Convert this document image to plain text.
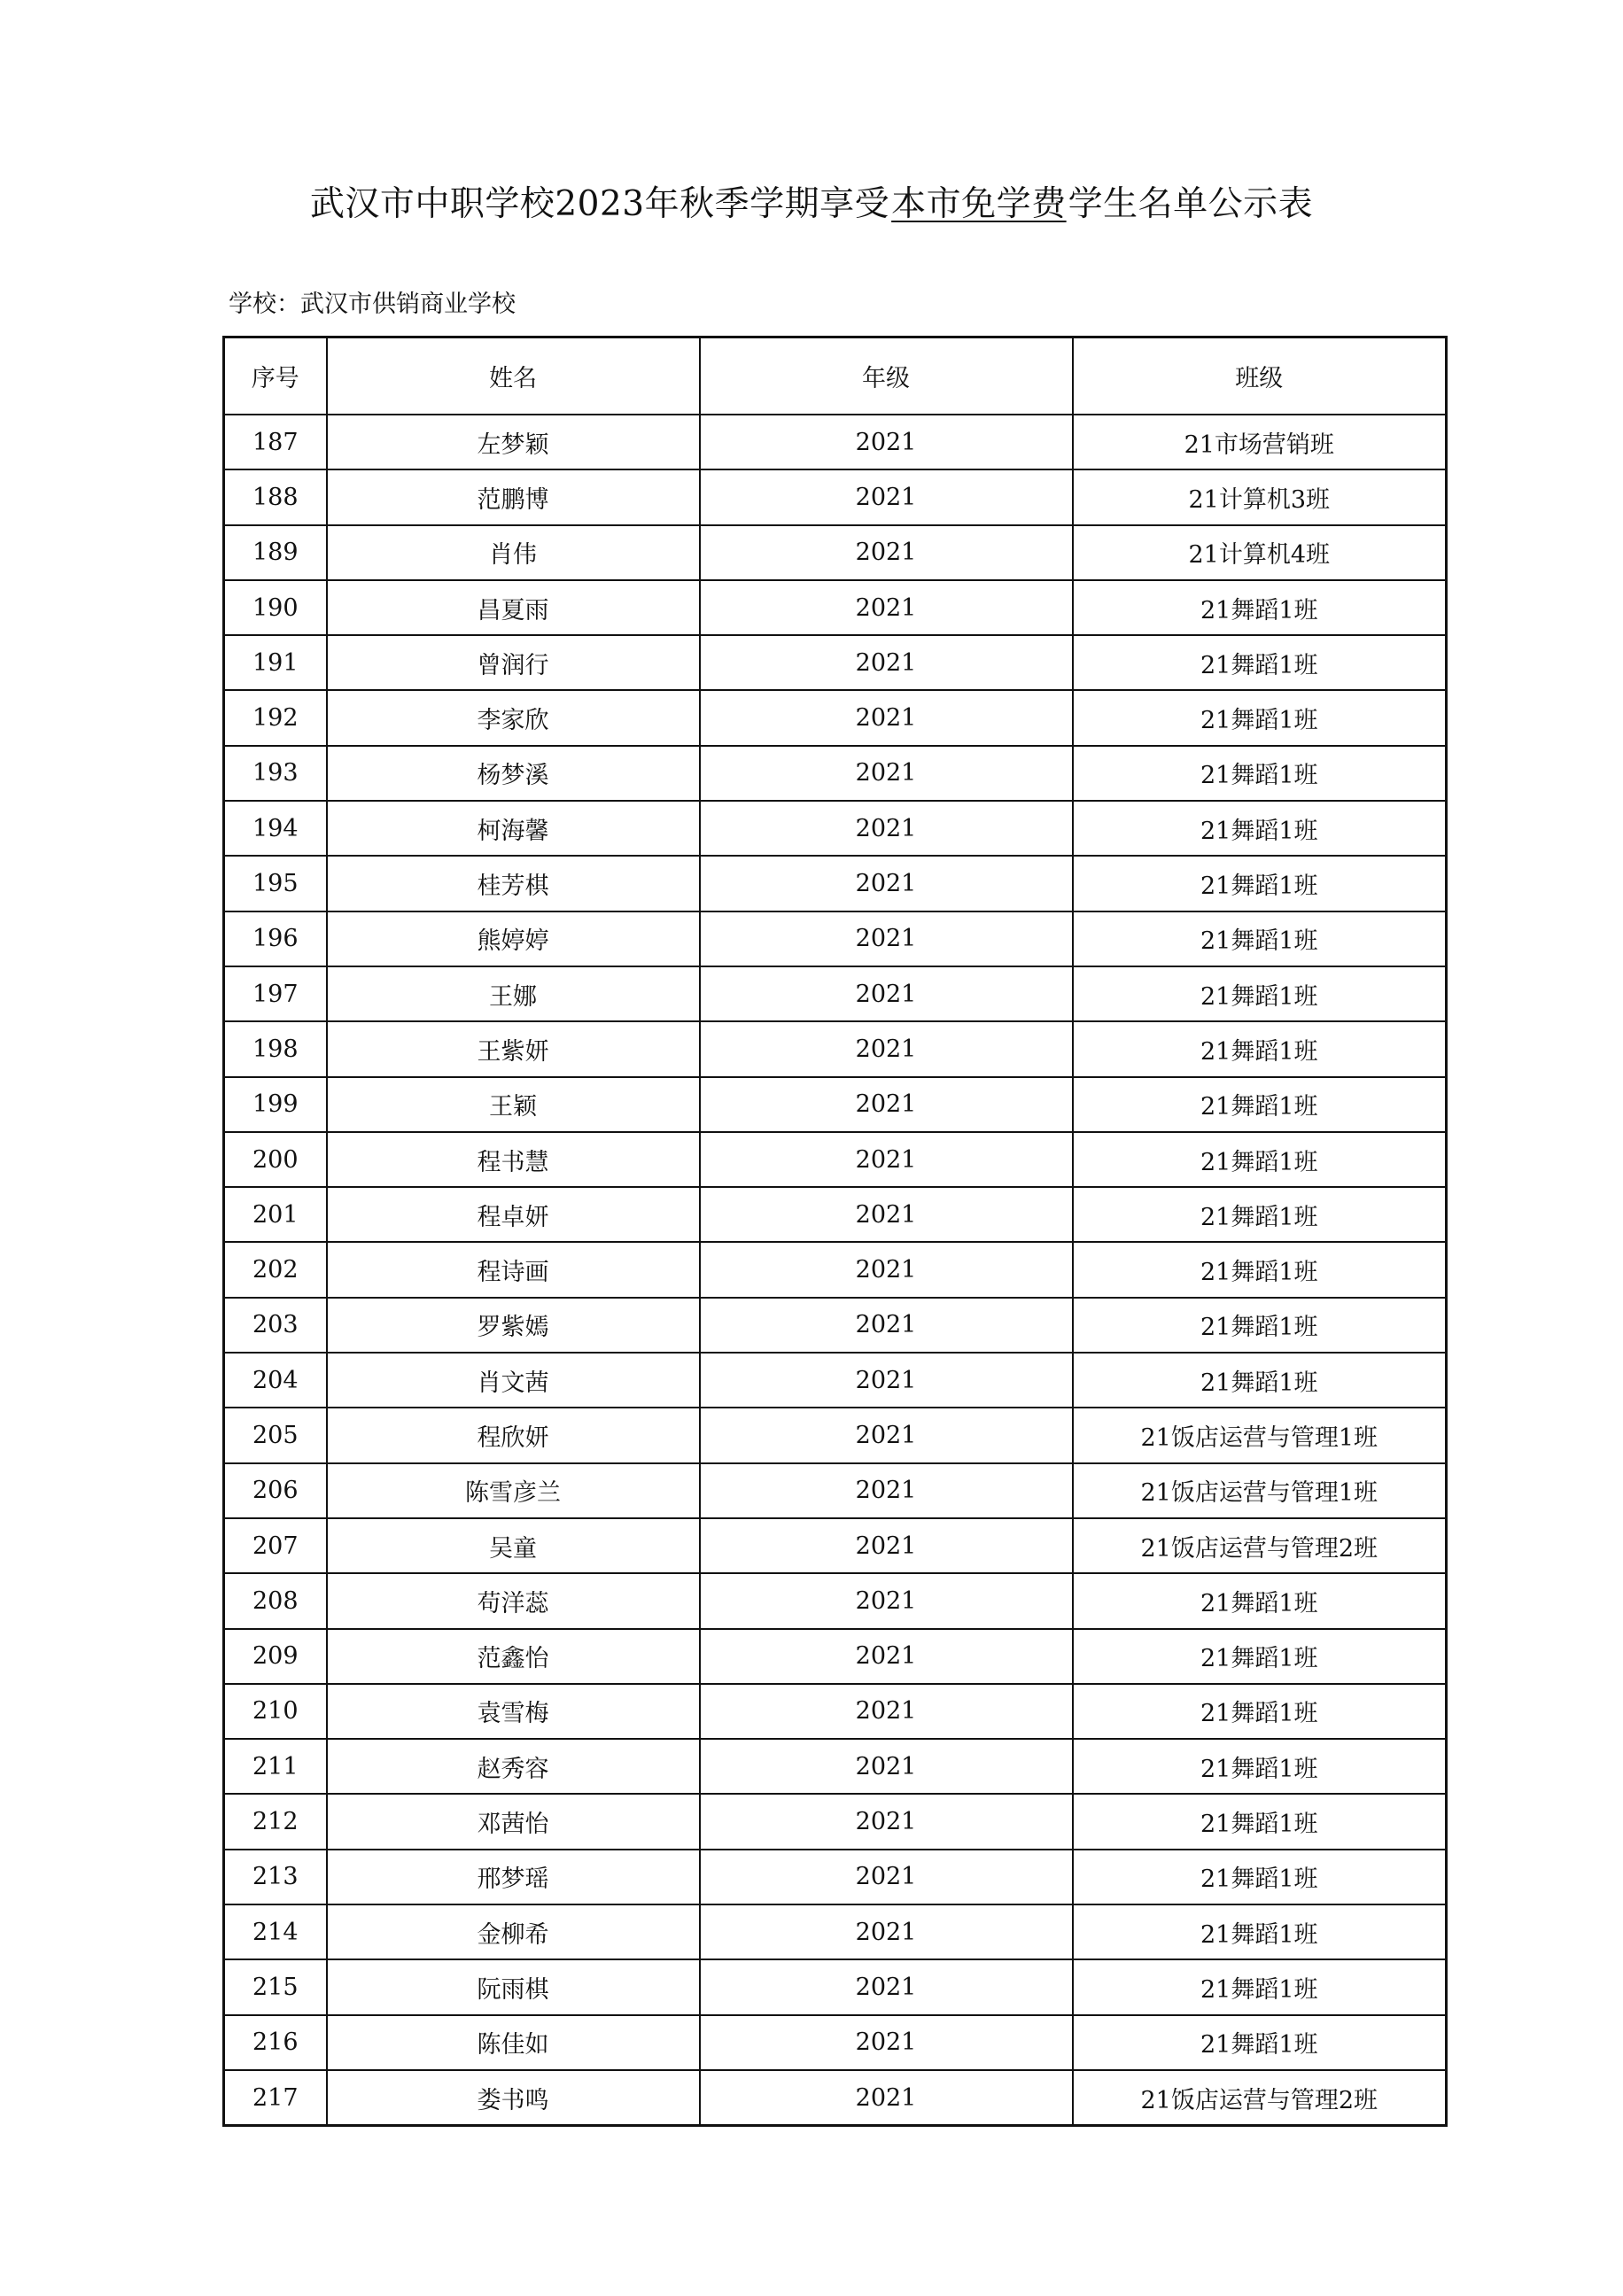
武汉市中职学校2023年秋季学期享受本市免学费学生名单公示表
学校：武汉市供销商业学校
序号	姓名	年级	班级
187	左梦颖	2021	21市场营销班
188	范鹏博	2021	21计算机3班
189	肖伟	2021	21计算机4班
190	昌夏雨	2021	21舞蹈1班
191	曾润行	2021	21舞蹈1班
192	李家欣	2021	21舞蹈1班
193	杨梦溪	2021	21舞蹈1班
194	柯海馨	2021	21舞蹈1班
195	桂芳棋	2021	21舞蹈1班
196	熊婷婷	2021	21舞蹈1班
197	王娜	2021	21舞蹈1班
198	王紫妍	2021	21舞蹈1班
199	王颖	2021	21舞蹈1班
200	程书慧	2021	21舞蹈1班
201	程卓妍	2021	21舞蹈1班
202	程诗画	2021	21舞蹈1班
203	罗紫嫣	2021	21舞蹈1班
204	肖文茜	2021	21舞蹈1班
205	程欣妍	2021	21饭店运营与管理1班
206	陈雪彦兰	2021	21饭店运营与管理1班
207	吴童	2021	21饭店运营与管理2班
208	苟洋蕊	2021	21舞蹈1班
209	范鑫怡	2021	21舞蹈1班
210	袁雪梅	2021	21舞蹈1班
211	赵秀容	2021	21舞蹈1班
212	邓茜怡	2021	21舞蹈1班
213	邢梦瑶	2021	21舞蹈1班
214	金柳希	2021	21舞蹈1班
215	阮雨棋	2021	21舞蹈1班
216	陈佳如	2021	21舞蹈1班
217	娄书鸣	2021	21饭店运营与管理2班
